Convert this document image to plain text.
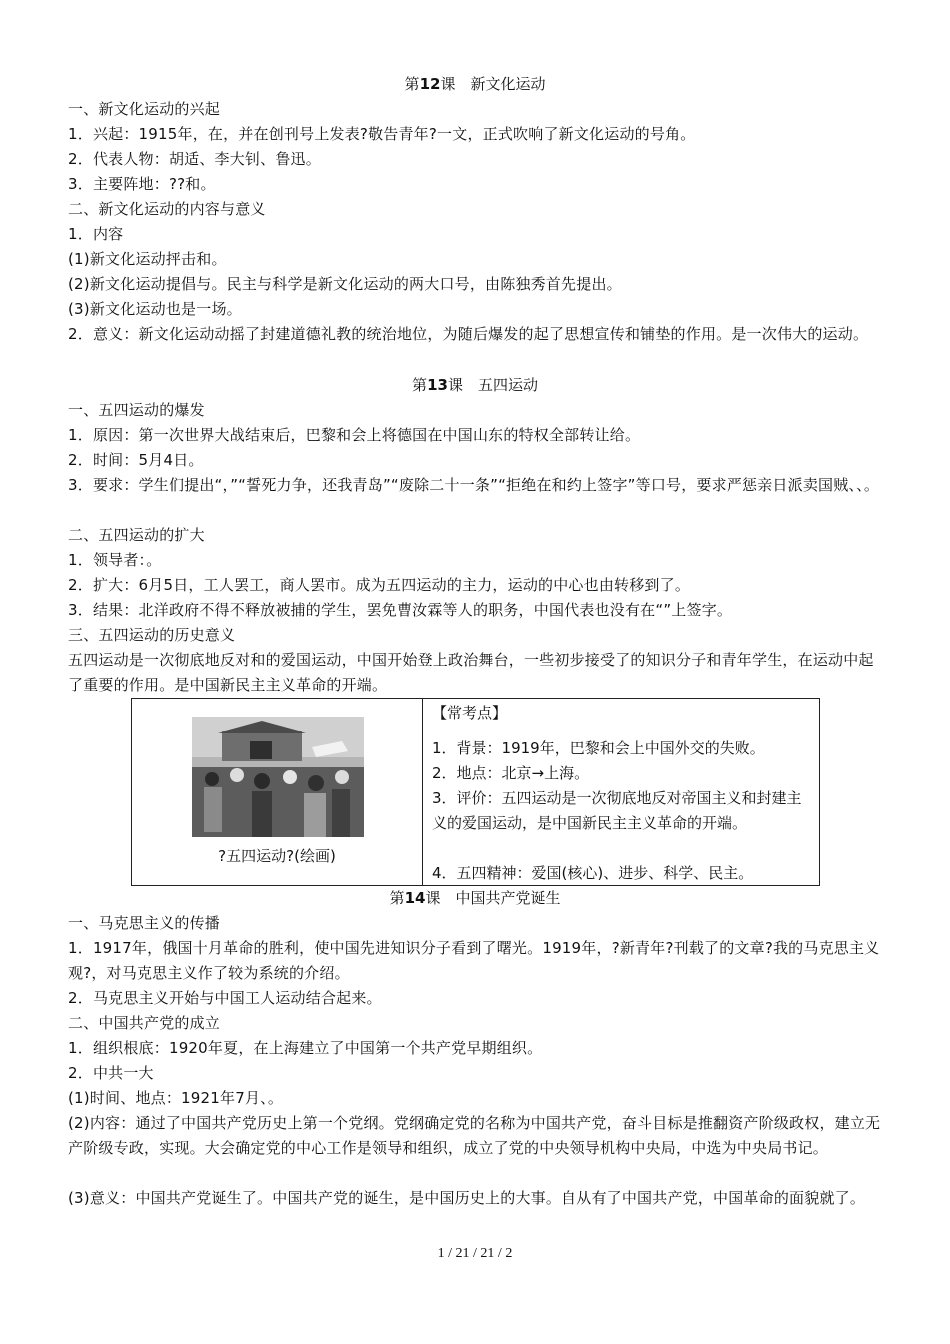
第12课　新文化运动
一、新文化运动的兴起
1．兴起：1915年，在，并在创刊号上发表?敬告青年?一文，正式吹响了新文化运动的号角。
2．代表人物：胡适、李大钊、鲁迅。
3．主要阵地：??和。
二、新文化运动的内容与意义
1．内容
(1)新文化运动抨击和。
(2)新文化运动提倡与。民主与科学是新文化运动的两大口号，由陈独秀首先提出。
(3)新文化运动也是一场。
2．意义：新文化运动动摇了封建道德礼教的统治地位，为随后爆发的起了思想宣传和铺垫的作用。是一次伟大的运动。
第13课　五四运动
一、五四运动的爆发
1．原因：第一次世界大战结束后，巴黎和会上将德国在中国山东的特权全部转让给。
2．时间：5月4日。
3．要求：学生们提出“，”“誓死力争，还我青岛”“废除二十一条”“拒绝在和约上签字”等口号，要求严惩亲日派卖国贼、、。
二、五四运动的扩大
1．领导者：。
2．扩大：6月5日，工人罢工，商人罢市。成为五四运动的主力，运动的中心也由转移到了。
3．结果：北洋政府不得不释放被捕的学生，罢免曹汝霖等人的职务，中国代表也没有在“”上签字。
三、五四运动的历史意义
五四运动是一次彻底地反对和的爱国运动，中国开始登上政治舞台，一些初步接受了的知识分子和青年学生，在运动中起了重要的作用。是中国新民主主义革命的开端。
?五四运动?(绘画)
【常考点】
1．背景：1919年，巴黎和会上中国外交的失败。
2．地点：北京→上海。
3．评价：五四运动是一次彻底地反对帝国主义和封建主义的爱国运动，是中国新民主主义革命的开端。
4．五四精神：爱国(核心)、进步、科学、民主。
第14课　中国共产党诞生
一、马克思主义的传播
1．1917年，俄国十月革命的胜利，使中国先进知识分子看到了曙光。1919年，?新青年?刊载了的文章?我的马克思主义观?，对马克思主义作了较为系统的介绍。
2．马克思主义开始与中国工人运动结合起来。
二、中国共产党的成立
1．组织根底：1920年夏，在上海建立了中国第一个共产党早期组织。
2．中共一大
(1)时间、地点：1921年7月、。
(2)内容：通过了中国共产党历史上第一个党纲。党纲确定党的名称为中国共产党，奋斗目标是推翻资产阶级政权，建立无产阶级专政，实现。大会确定党的中心工作是领导和组织，成立了党的中央领导机构中央局，中选为中央局书记。
(3)意义：中国共产党诞生了。中国共产党的诞生，是中国历史上的大事。自从有了中国共产党，中国革命的面貌就了。
1 / 21 / 21 / 2
